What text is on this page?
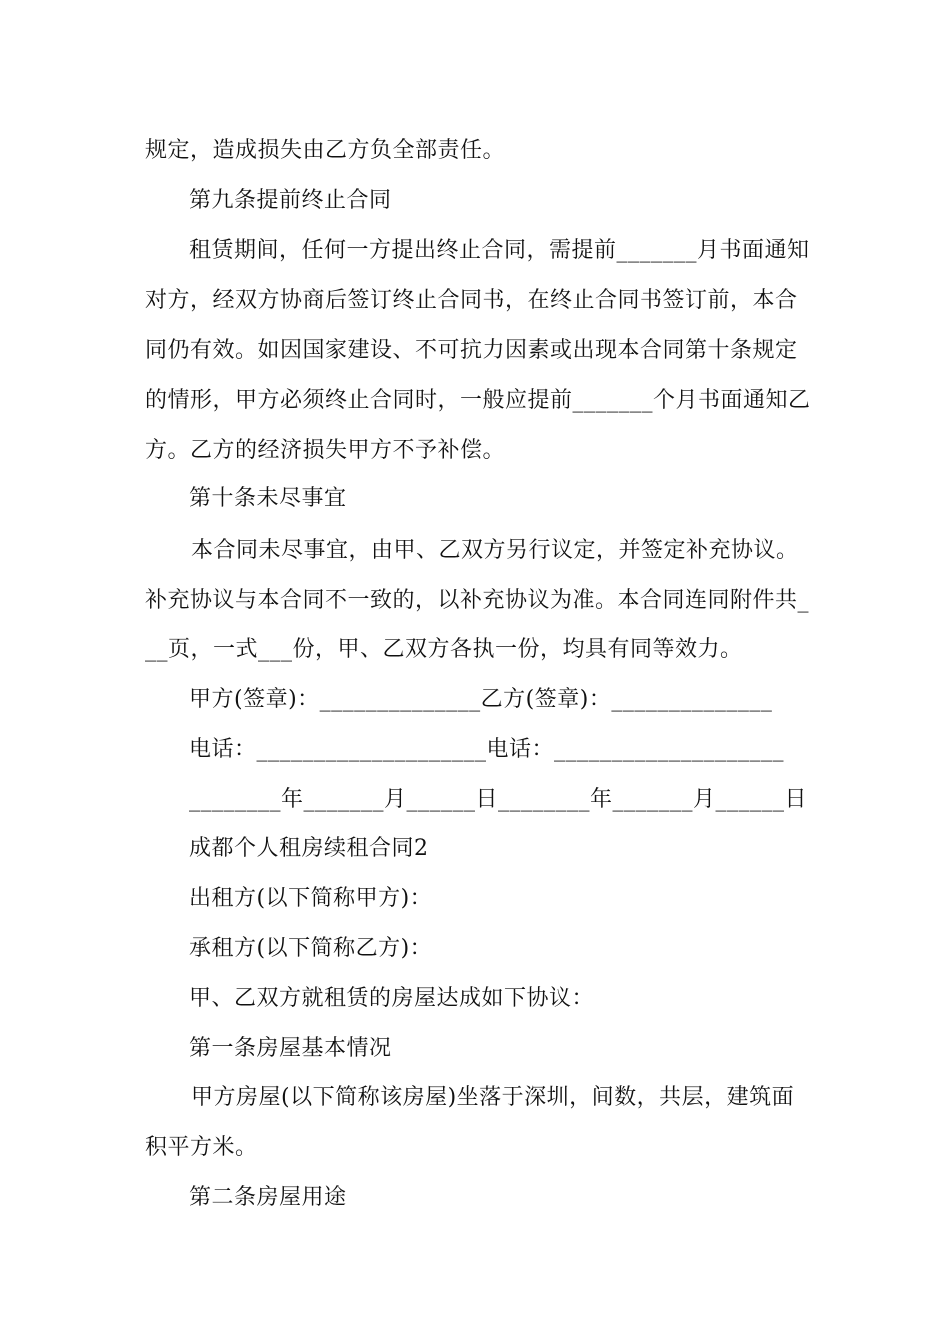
规定，造成损失由乙方负全部责任。
第九条提前终止合同
租赁期间，任何一方提出终止合同，需提前_______月书面通知
对方，经双方协商后签订终止合同书，在终止合同书签订前，本合
同仍有效。如因国家建设、不可抗力因素或出现本合同第十条规定
的情形，甲方必须终止合同时，一般应提前_______个月书面通知乙
方。乙方的经济损失甲方不予补偿。
第十条未尽事宜
本合同未尽事宜，由甲、乙双方另行议定，并签定补充协议。
补充协议与本合同不一致的，以补充协议为准。本合同连同附件共_
__页，一式___份，甲、乙双方各执一份，均具有同等效力。
甲方(签章)：______________乙方(签章)：______________
电话：____________________电话：____________________
________年_______月______日________年_______月______日
成都个人租房续租合同2
出租方(以下简称甲方)：
承租方(以下简称乙方)：
甲、乙双方就租赁的房屋达成如下协议：
第一条房屋基本情况
甲方房屋(以下简称该房屋)坐落于深圳，间数，共层，建筑面
积平方米。
第二条房屋用途
